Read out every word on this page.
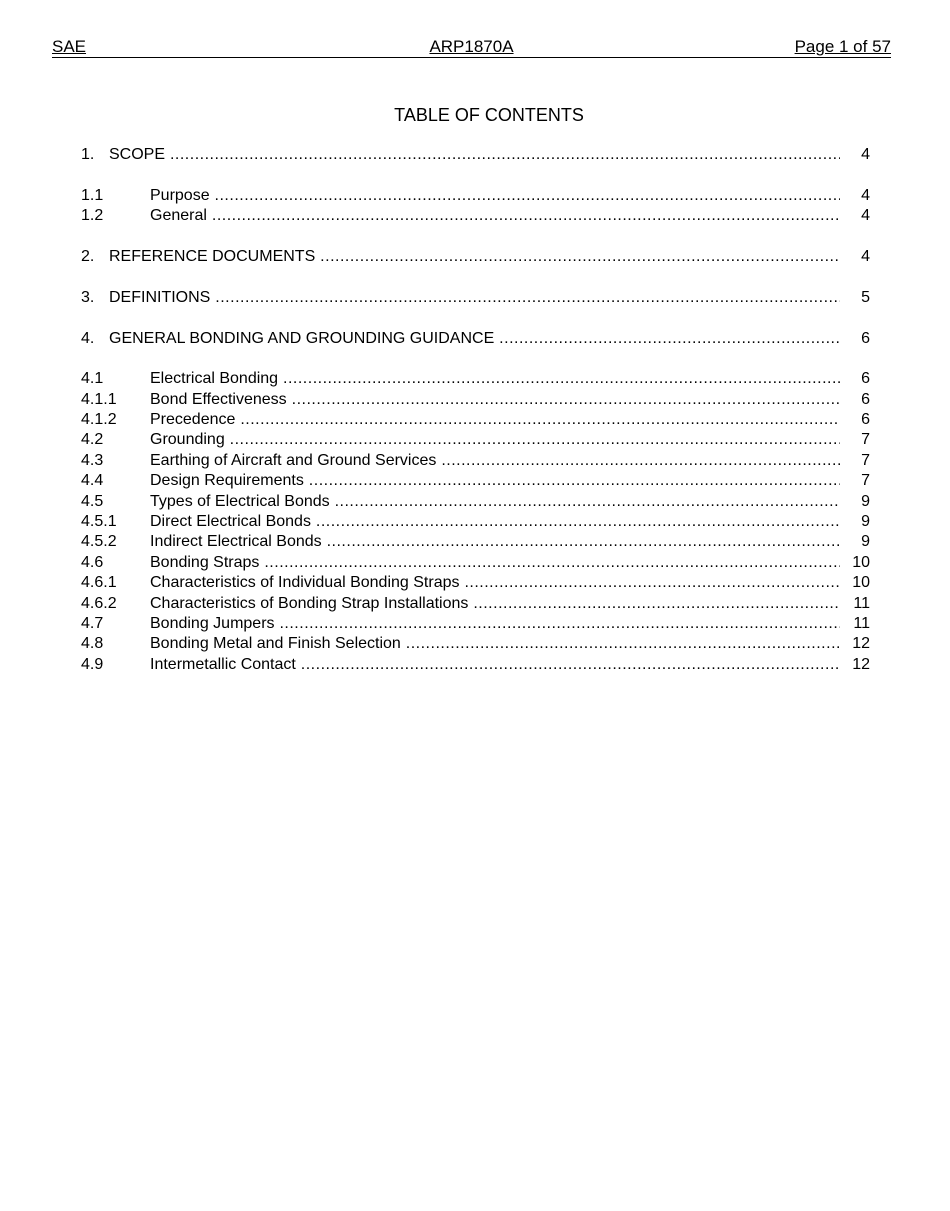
SAE	ARP1870A	Page 1 of 57
TABLE OF CONTENTS
1. SCOPE .....	4
1.1	Purpose .....	4
1.2	General .....	4
2. REFERENCE DOCUMENTS .....	4
3. DEFINITIONS .....	5
4. GENERAL BONDING AND GROUNDING GUIDANCE .....	6
4.1	Electrical Bonding .....	6
4.1.1 Bond Effectiveness .....	6
4.1.2 Precedence .....	6
4.2	Grounding .....	7
4.3	Earthing of Aircraft and Ground Services .....	7
4.4	Design Requirements .....	7
4.5	Types of Electrical Bonds .....	9
4.5.1 Direct Electrical Bonds .....	9
4.5.2 Indirect Electrical Bonds .....	9
4.6	Bonding Straps .....	10
4.6.1 Characteristics of Individual Bonding Straps .....	10
4.6.2 Characteristics of Bonding Strap Installations .....	11
4.7	Bonding Jumpers .....	11
4.8	Bonding Metal and Finish Selection .....	12
4.9	Intermetallic Contact .....	12
